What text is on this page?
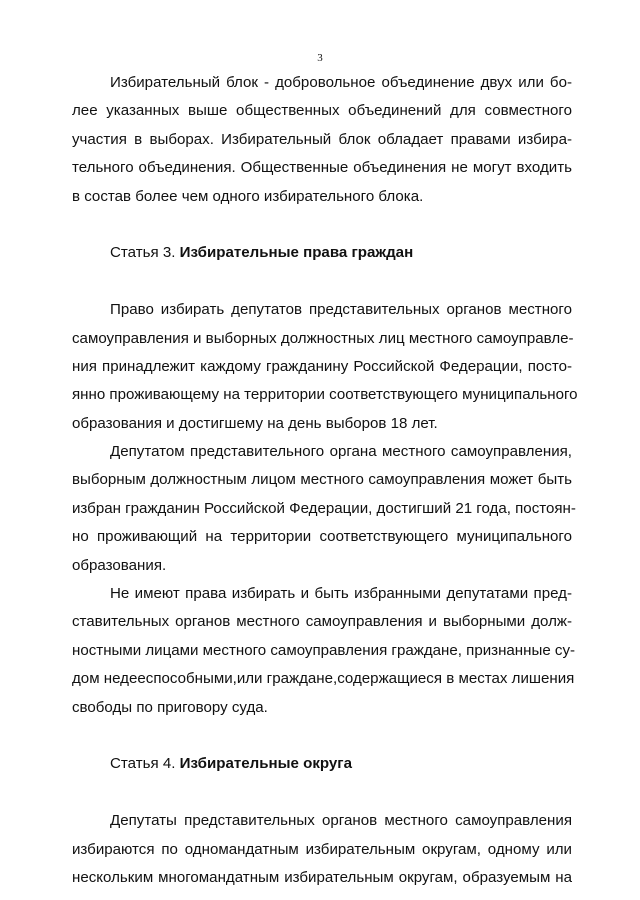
3
Избирательный блок - добровольное объединение двух или бо-
лее указанных выше общественных объединений для совместного
участия в выборах. Избирательный блок обладает правами избира-
тельного объединения. Общественные объединения не могут входить
в состав более чем одного избирательного блока.
Статья 3. Избирательные права граждан
Право избирать депутатов представительных органов местного
самоуправления и выборных должностных лиц местного самоуправле-
ния принадлежит каждому гражданину Российской Федерации, посто-
янно проживающему на территории соответствующего муниципального
образования и достигшему на день выборов 18 лет.
Депутатом представительного органа местного самоуправления,
выборным должностным лицом местного самоуправления может быть
избран гражданин Российской Федерации, достигший 21 года, постоян-
но проживающий на территории соответствующего муниципального
образования.
Не имеют права избирать и быть избранными депутатами пред-
ставительных органов местного самоуправления и выборными долж-
ностными лицами местного самоуправления граждане, признанные су-
дом недееспособными,или граждане,содержащиеся в местах лишения
свободы по приговору суда.
Статья 4. Избирательные округа
Депутаты представительных органов местного самоуправления
избираются по одномандатным избирательным округам, одному или
нескольким многомандатным избирательным округам, образуемым на
